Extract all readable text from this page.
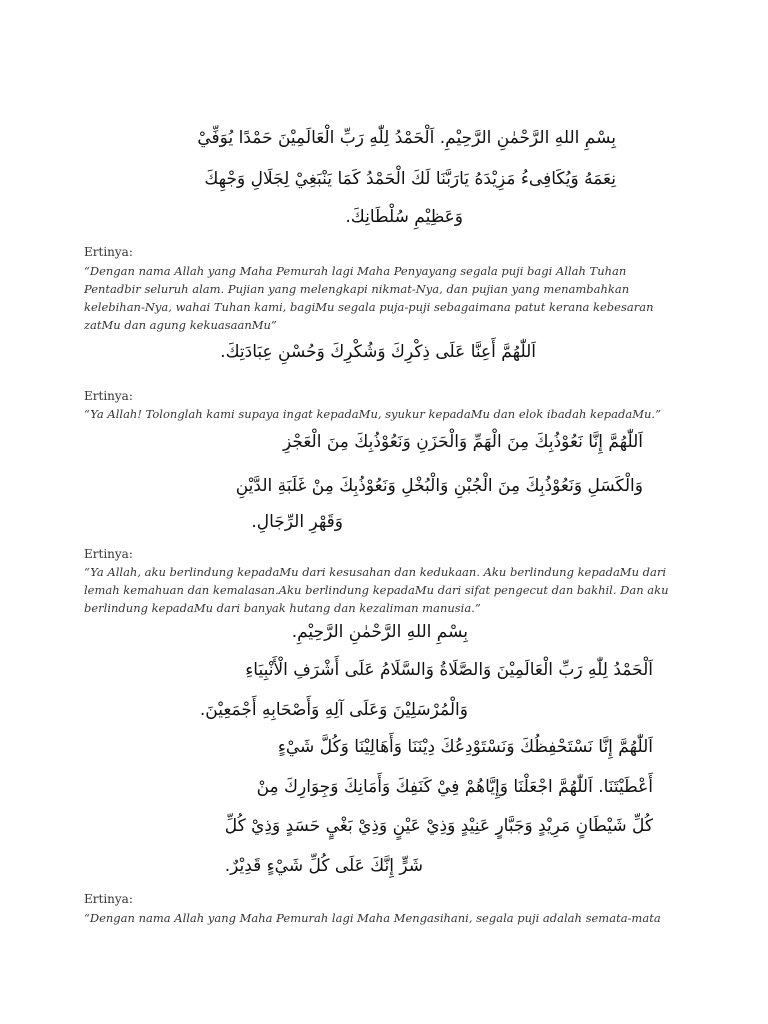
بِسْمِ اللهِ الرَّحْمٰنِ الرَّحِيْمِ. اَلْحَمْدُ لِلّٰهِ رَبِّ الْعَالَمِيْنَ حَمْدًا يُوَفِّيْ
نِعَمَهُ وَيُكَافِىءُ مَزِيْدَهُ يَارَبَّنَا لَكَ الْحَمْدُ كَمَا يَنْبَغِيْ لِجَلَالِ وَجْهِكَ
وَعَظِيْمِ سُلْطَانِكَ.
Ertinya:

“Dengan nama Allah yang Maha Pemurah lagi Maha Penyayang segala puji bagi Allah Tuhan
Pentadbir seluruh alam. Pujian yang melengkapi nikmat-Nya, dan pujian yang menambahkan
kelebihan-Nya, wahai Tuhan kami, bagiMu segala puja-puji sebagaimana patut kerana kebesaran
zatMu dan agung kekuasaanMu”

اَللّٰهُمَّ أَعِنَّا عَلَى ذِكْرِكَ وَشُكْرِكَ وَحُسْنِ عِبَادَتِكَ.
Ertinya:

“Ya Allah! Tolonglah kami supaya ingat kepadaMu, syukur kepadaMu dan elok ibadah kepadaMu.”

اَللّٰهُمَّ إِنَّا نَعُوْذُبِكَ مِنَ الْهَمِّ وَالْحَزَنِ وَنَعُوْذُبِكَ مِنَ الْعَجْزِ
وَالْكَسَلِ وَنَعُوْذُبِكَ مِنَ الْجُبْنِ وَالْبُخْلِ وَنَعُوْذُبِكَ مِنْ غَلَبَةِ الدَّيْنِ
وَقَهْرِ الرِّجَالِ.
Ertinya:

“Ya Allah, aku berlindung kepadaMu dari kesusahan dan kedukaan. Aku berlindung kepadaMu dari
lemah kemahuan dan kemalasan.Aku berlindung kepadaMu dari sifat pengecut dan bakhil. Dan aku
berlindung kepadaMu dari banyak hutang dan kezaliman manusia.”

بِسْمِ اللهِ الرَّحْمٰنِ الرَّحِيْمِ.
اَلْحَمْدُ لِلّٰهِ رَبِّ الْعَالَمِيْنَ وَالصَّلَاةُ وَالسَّلَامُ عَلَى أَشْرَفِ الْأَنْبِيَاءِ
وَالْمُرْسَلِيْنَ وَعَلَى آلِهِ وَأَصْحَابِهِ أَجْمَعِيْنَ.
اَللّٰهُمَّ إِنَّا نَسْتَحْفِظُكَ وَنَسْتَوْدِعُكَ دِيْنَنَا وَأَهَالِيْنَا وَكُلَّ شَيْءٍ
أَعْطَيْتَنَا. اَللّٰهُمَّ اجْعَلْنَا وَإِيَّاهُمْ فِيْ كَنَفِكَ وَأَمَانِكَ وَجِوَارِكَ مِنْ
كُلِّ شَيْطَانٍ مَرِيْدٍ وَجَبَّارٍ عَنِيْدٍ وَذِيْ عَيْنٍ وَذِيْ بَغْيٍ حَسَدٍ وَذِيْ كُلِّ
شَرٍّ إِنَّكَ عَلَى كُلِّ شَيْءٍ قَدِيْرٌ.
Ertinya:

“Dengan nama Allah yang Maha Pemurah lagi Maha Mengasihani, segala puji adalah semata-mata
